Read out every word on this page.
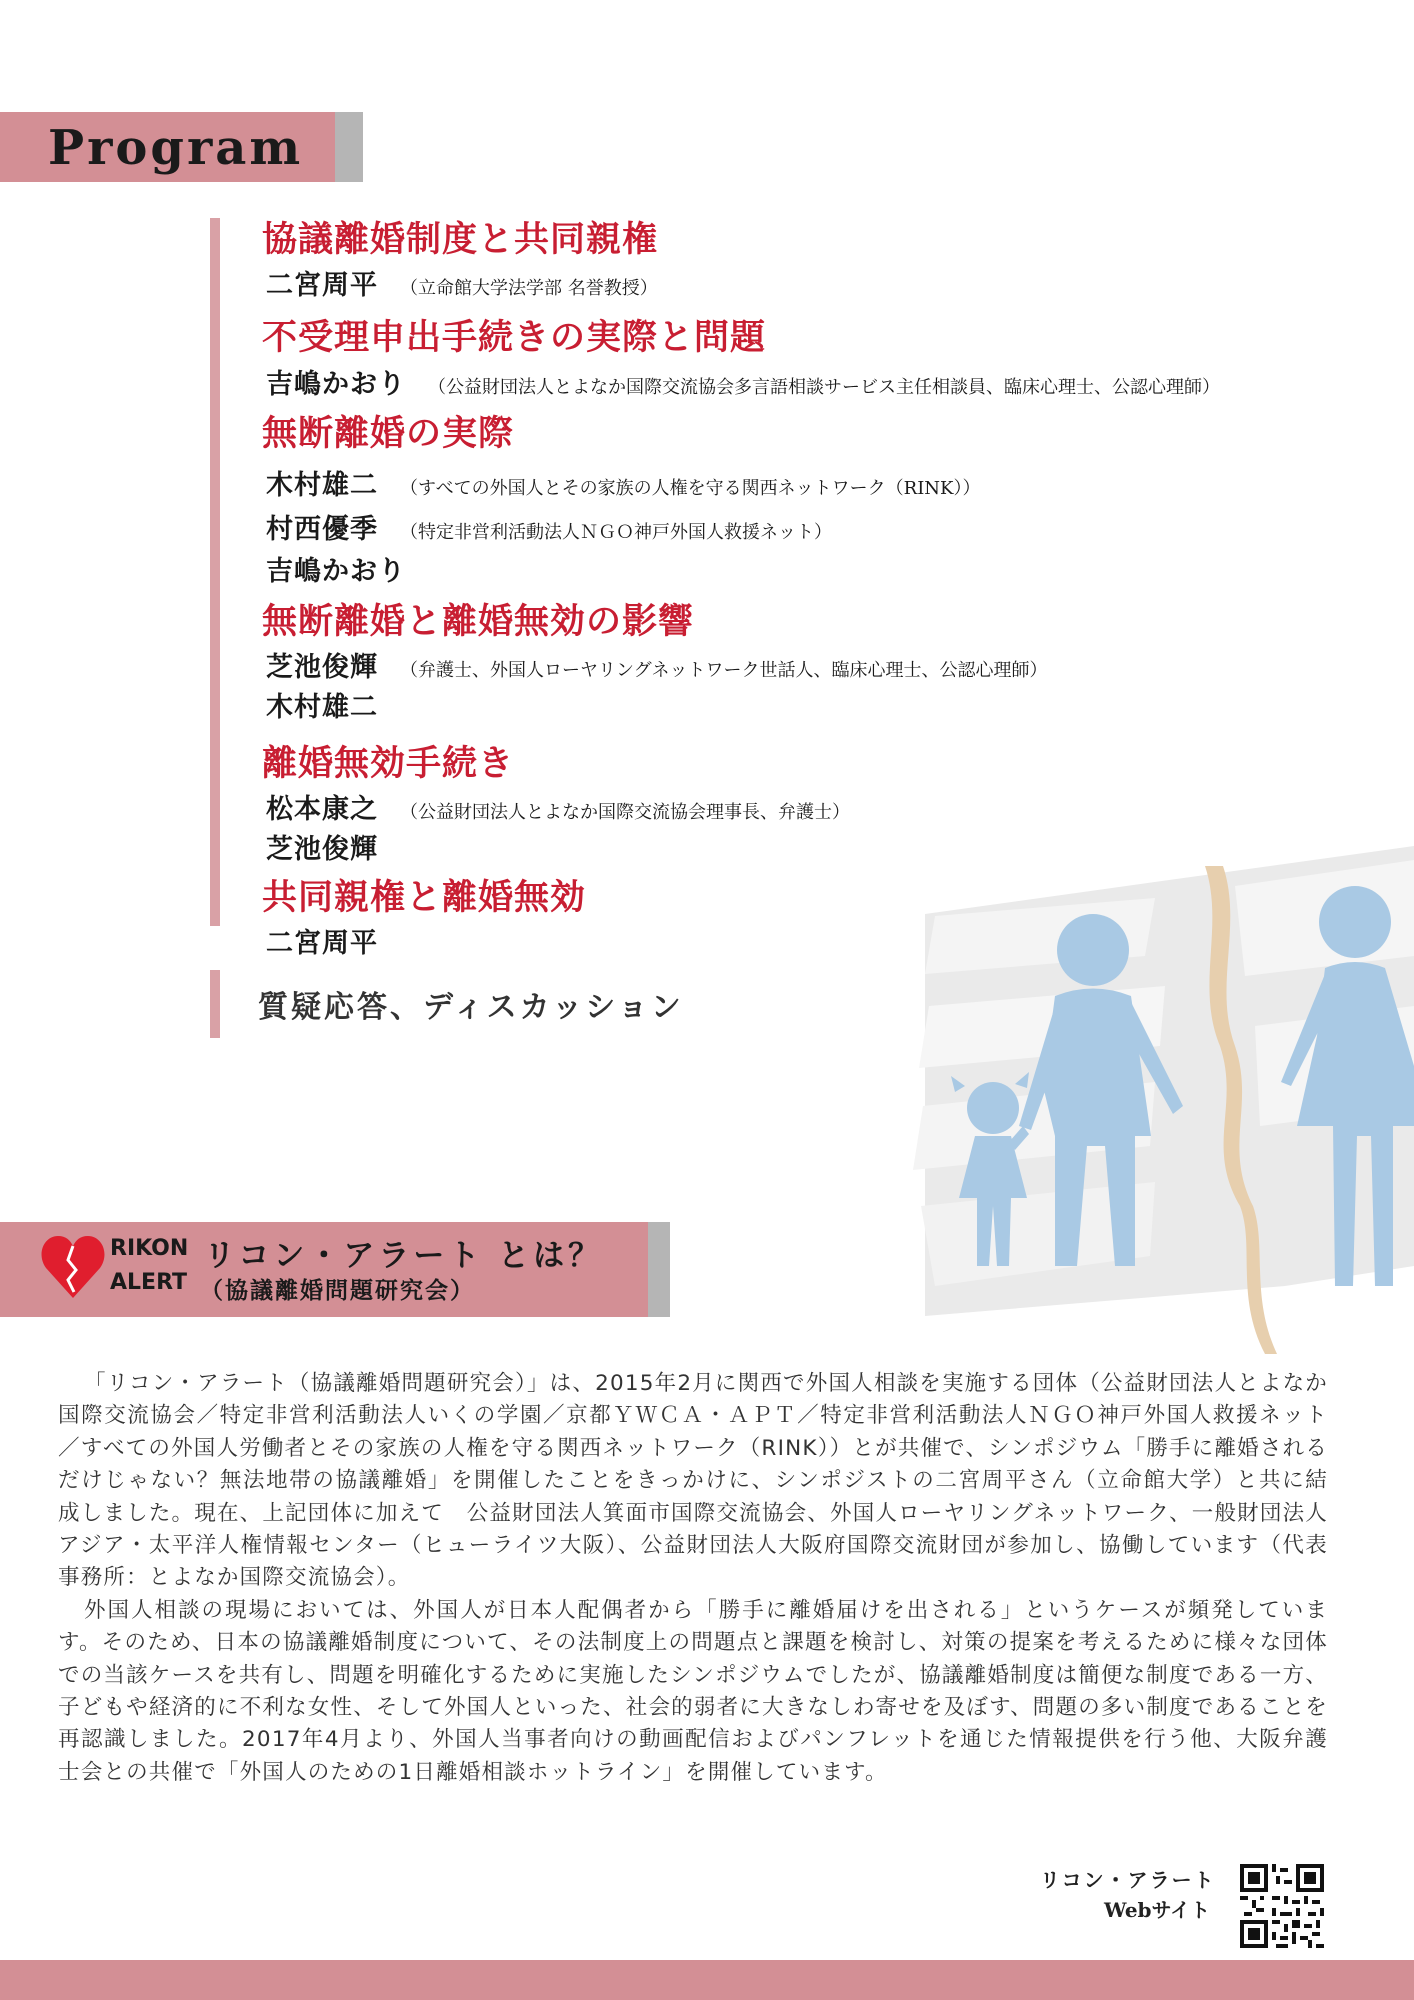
Program
協議離婚制度と共同親権
二宮周平 （立命館大学法学部 名誉教授）
不受理申出手続きの実際と問題
吉嶋かおり （公益財団法人とよなか国際交流協会多言語相談サービス主任相談員、臨床心理士、公認心理師）
無断離婚の実際
木村雄二 （すべての外国人とその家族の人権を守る関西ネットワーク（RINK））
村西優季 （特定非営利活動法人ＮＧＯ神戸外国人救援ネット）
吉嶋かおり
無断離婚と離婚無効の影響
芝池俊輝 （弁護士、外国人ローヤリングネットワーク世話人、臨床心理士、公認心理師）
木村雄二
離婚無効手続き
松本康之 （公益財団法人とよなか国際交流協会理事長、弁護士）
芝池俊輝
共同親権と離婚無効
二宮周平
質疑応答、ディスカッション
RIKON
ALERT
リコン・アラート とは？
（協議離婚問題研究会）

「リコン・アラート（協議離婚問題研究会）」は、2015年2月に関西で外国人相談を実施する団体（公益財団法人とよなか国際交流協会／特定非営利活動法人いくの学園／京都ＹＷＣＡ・ＡＰＴ／特定非営利活動法人ＮＧＯ神戸外国人救援ネット／すべての外国人労働者とその家族の人権を守る関西ネットワーク（RINK））とが共催で、シンポジウム「勝手に離婚されるだけじゃない？無法地帯の協議離婚」を開催したことをきっかけに、シンポジストの二宮周平さん（立命館大学）と共に結成しました。現在、上記団体に加えて　公益財団法人箕面市国際交流協会、外国人ローヤリングネットワーク、一般財団法人アジア・太平洋人権情報センター（ヒューライツ大阪）、公益財団法人大阪府国際交流財団が参加し、協働しています（代表事務所：とよなか国際交流協会）。

外国人相談の現場においては、外国人が日本人配偶者から「勝手に離婚届けを出される」というケースが頻発しています。そのため、日本の協議離婚制度について、その法制度上の問題点と課題を検討し、対策の提案を考えるために様々な団体での当該ケースを共有し、問題を明確化するために実施したシンポジウムでしたが、協議離婚制度は簡便な制度である一方、子どもや経済的に不利な女性、そして外国人といった、社会的弱者に大きなしわ寄せを及ぼす、問題の多い制度であることを再認識しました。2017年4月より、外国人当事者向けの動画配信およびパンフレットを通じた情報提供を行う他、大阪弁護士会との共催で「外国人のための1日離婚相談ホットライン」を開催しています。

リコン・アラート
Webサイト
